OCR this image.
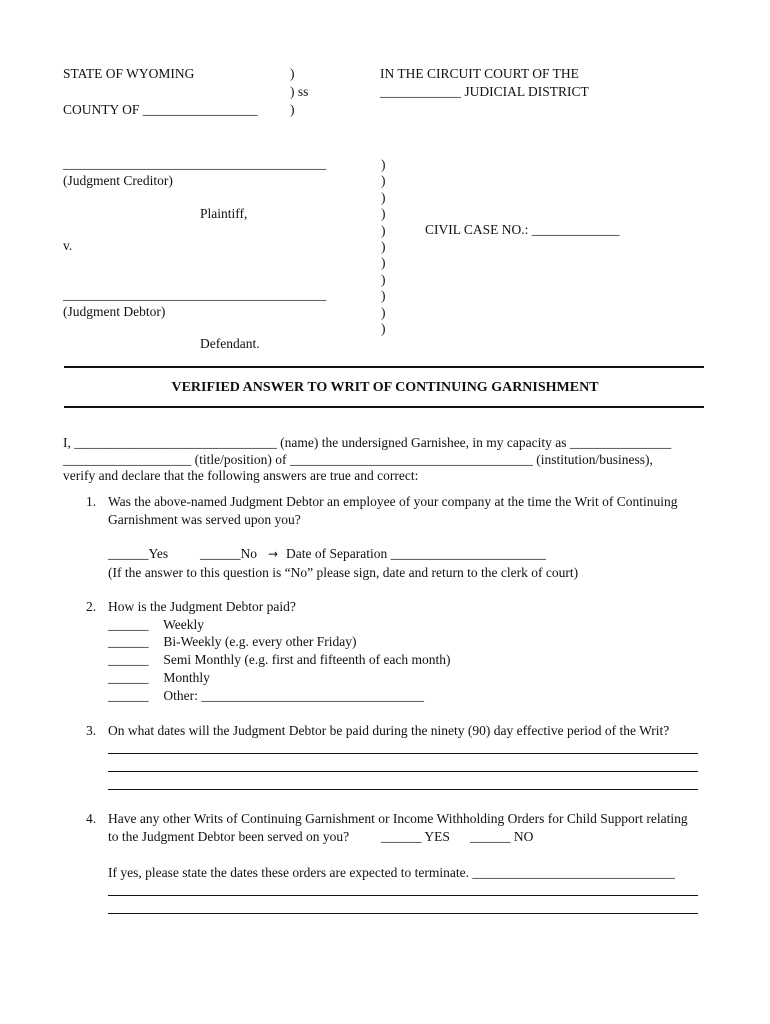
STATE OF WYOMING	)
) ss
)
COUNTY OF _________________
IN THE CIRCUIT COURT OF THE
____________ JUDICIAL DISTRICT
_______________________________________
(Judgment Creditor)
Plaintiff,
v.
_______________________________________
(Judgment Debtor)
Defendant.
)
)
)
)
)
)
)
)
)
)
)
CIVIL CASE NO.: _____________
VERIFIED ANSWER TO WRIT OF CONTINUING GARNISHMENT
I, ______________________________ (name) the undersigned Garnishee, in my capacity as _______________
___________________ (title/position) of ____________________________________ (institution/business),
verify and declare that the following answers are true and correct:
1. Was the above-named Judgment Debtor an employee of your company at the time the Writ of Continuing
Garnishment was served upon you?
______Yes ______No → Date of Separation _______________________
(If the answer to this question is “No” please sign, date and return to the clerk of court)
2. How is the Judgment Debtor paid?
______ Weekly
______ Bi-Weekly (e.g. every other Friday)
______ Semi Monthly (e.g. first and fifteenth of each month)
______ Monthly
______ Other: _________________________________
3. On what dates will the Judgment Debtor be paid during the ninety (90) day effective period of the Writ?
4. Have any other Writs of Continuing Garnishment or Income Withholding Orders for Child Support relating
to the Judgment Debtor been served on you? ______ YES ______ NO
If yes, please state the dates these orders are expected to terminate. ______________________________
